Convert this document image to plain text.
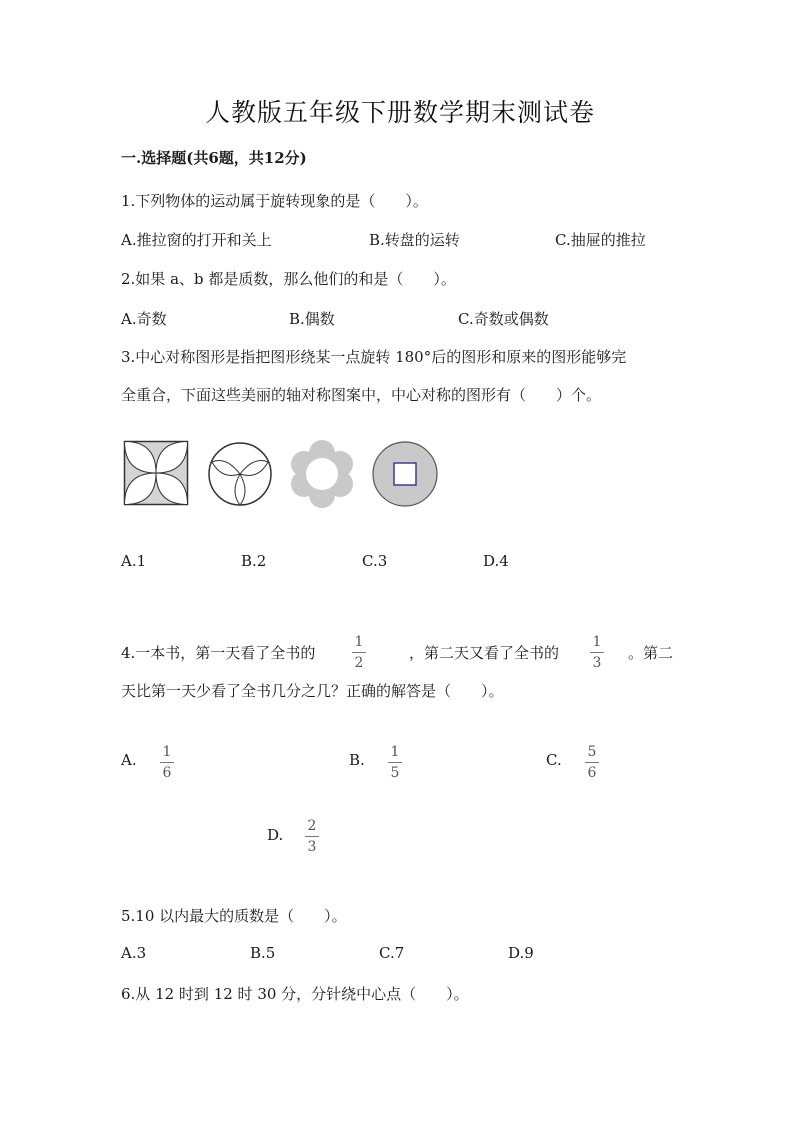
人教版五年级下册数学期末测试卷
一.选择题(共6题，共12分)
1.下列物体的运动属于旋转现象的是（　　）。
A.推拉窗的打开和关上	B.转盘的运转	C.抽屉的推拉
2.如果 a、b 都是质数，那么他们的和是（　　）。
A.奇数	B.偶数	C.奇数或偶数
3.中心对称图形是指把图形绕某一点旋转 180°后的图形和原来的图形能够完
全重合，下面这些美丽的轴对称图案中，中心对称的图形有（　　）个。
A.1	B.2	C.3	D.4
4.一本书，第一天看了全书的
1
2
，第二天又看了全书的
1
3
。第二
天比第一天少看了全书几分之几？正确的解答是（　　）。
A. 1
6
B. 1
5
C. 5
6
D. 2
3
5.10 以内最大的质数是（　　）。
A.3	B.5	C.7	D.9
6.从 12 时到 12 时 30 分，分针绕中心点（　　）。
